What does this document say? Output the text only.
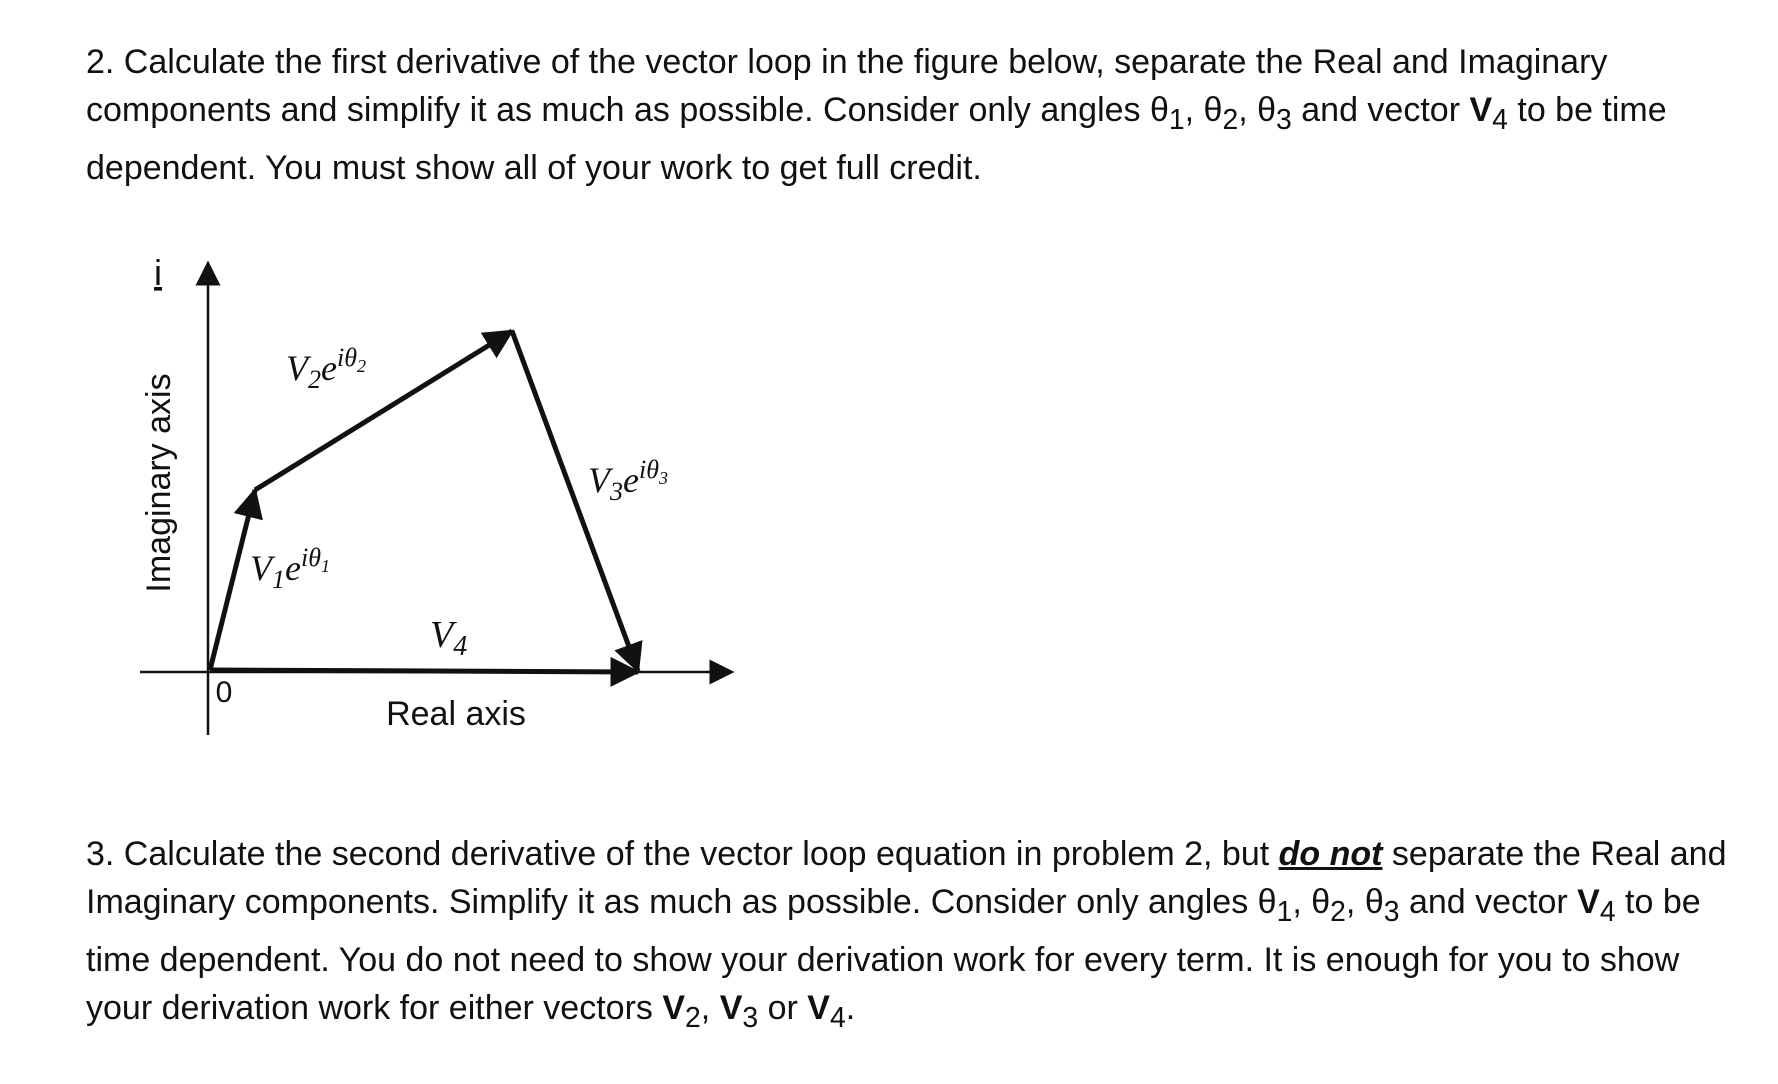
2. Calculate the first derivative of the vector loop in the figure below, separate the Real and Imaginary components and simplify it as much as possible. Consider only angles $\theta_1$, $\theta_2$, $\theta_3$ and vector $V_4$ to be time dependent. You must show all of your work to get full credit.

i
Imaginary axis
Real axis
0
$V_2e^{i\theta}2$
$V_3e^{i\theta}3$
$V_1e^{i\theta}1$
$V_4$

3. Calculate the second derivative of the vector loop equation in problem 2, but do not separate the Real and Imaginary components. Simplify it as much as possible. Consider only angles $\theta_1$, $\theta_2$, $\theta_3$ and vector $V_4$ to be time dependent. You do not need to show your derivation work for every term. It is enough for you to show your derivation work for either vectors $V_2$, $V_3$ or $V_4$.
